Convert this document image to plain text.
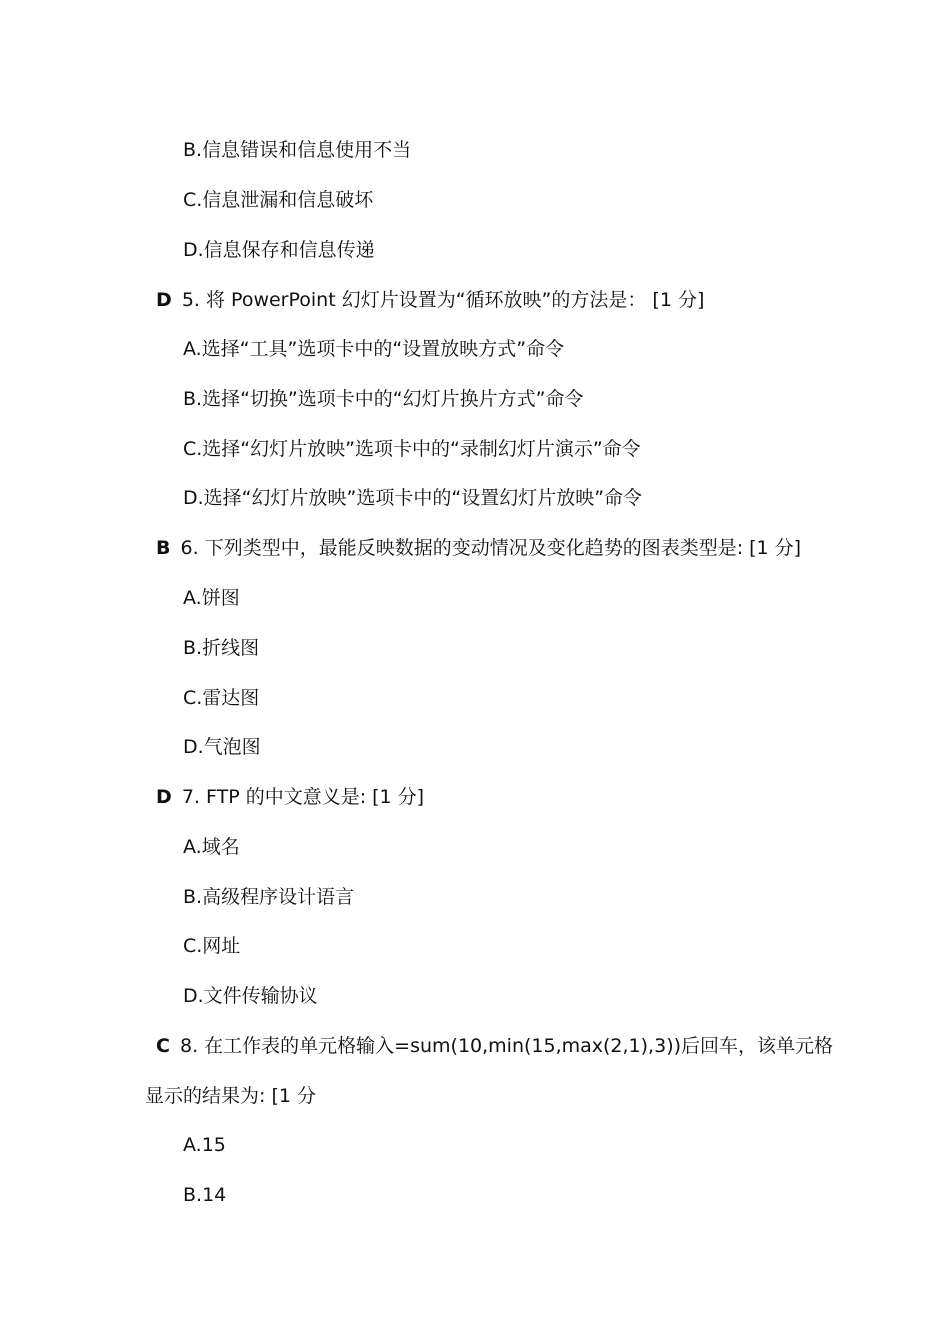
B.信息错误和信息使用不当
C.信息泄漏和信息破坏
D.信息保存和信息传递
D 5. 将 PowerPoint 幻灯片设置为“循环放映”的方法是： [1 分]
A.选择“工具”选项卡中的“设置放映方式”命令
B.选择“切换”选项卡中的“幻灯片换片方式”命令
C.选择“幻灯片放映”选项卡中的“录制幻灯片演示”命令
D.选择“幻灯片放映”选项卡中的“设置幻灯片放映”命令
B 6. 下列类型中，最能反映数据的变动情况及变化趋势的图表类型是: [1 分]
A.饼图
B.折线图
C.雷达图
D.气泡图
D 7. FTP 的中文意义是: [1 分]
A.域名
B.高级程序设计语言
C.网址
D.文件传输协议
C 8. 在工作表的单元格输入=sum(10,min(15,max(2,1),3))后回车，该单元格
显示的结果为: [1 分
A.15
B.14
